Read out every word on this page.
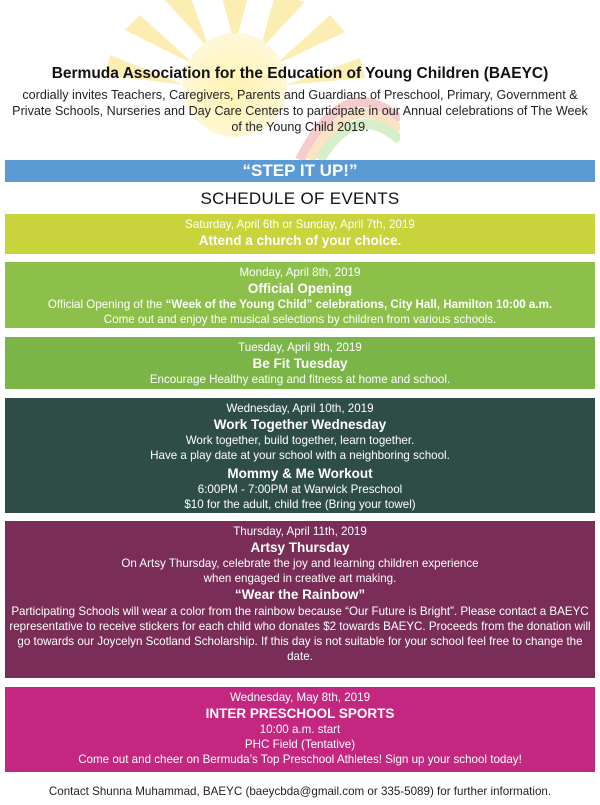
Bermuda Association for the Education of Young Children (BAEYC)

cordially invites Teachers, Caregivers, Parents and Guardians of Preschool, Primary, Government & Private Schools, Nurseries and Day Care Centers to participate in our Annual celebrations of The Week of the Young Child 2019.

“STEP IT UP!”
SCHEDULE OF EVENTS
Saturday, April 6th or Sunday, April 7th, 2019
Attend a church of your choice.
Monday, April 8th, 2019
Official Opening
Official Opening of the “Week of the Young Child” celebrations, City Hall, Hamilton 10:00 a.m.
Come out and enjoy the musical selections by children from various schools.
Tuesday, April 9th, 2019
Be Fit Tuesday
Encourage Healthy eating and fitness at home and school.
Wednesday, April 10th, 2019
Work Together Wednesday
Work together, build together, learn together.
Have a play date at your school with a neighboring school.
Mommy & Me Workout
6:00PM - 7:00PM at Warwick Preschool
$10 for the adult, child free (Bring your towel)
Thursday, April 11th, 2019
Artsy Thursday
On Artsy Thursday, celebrate the joy and learning children experience
when engaged in creative art making.
“Wear the Rainbow”
Participating Schools will wear a color from the rainbow because “Our Future is Bright”. Please contact a BAEYC representative to receive stickers for each child who donates $2 towards BAEYC. Proceeds from the donation will go towards our Joycelyn Scotland Scholarship. If this day is not suitable for your school feel free to change the date.
Wednesday, May 8th, 2019
INTER PRESCHOOL SPORTS
10:00 a.m. start
PHC Field (Tentative)
Come out and cheer on Bermuda’s Top Preschool Athletes! Sign up your school today!
Contact Shunna Muhammad, BAEYC (baeycbda@gmail.com or 335-5089) for further information.
